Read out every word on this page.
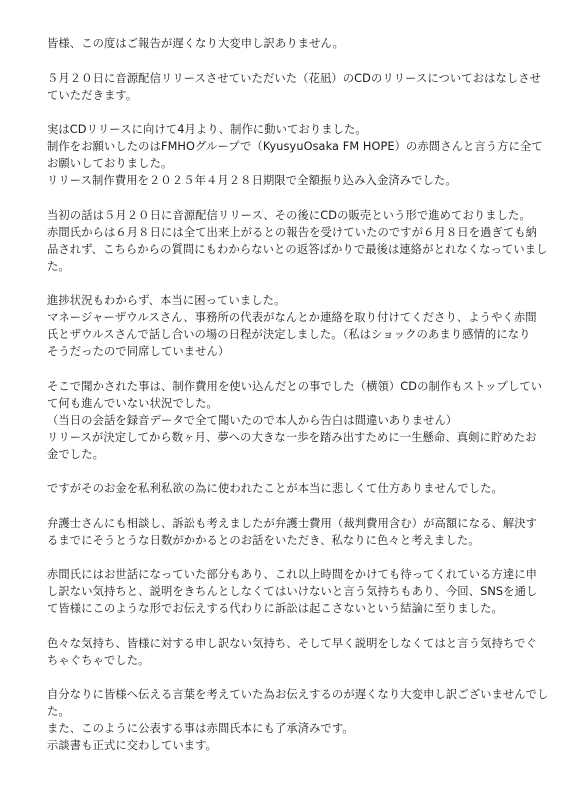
皆様、この度はご報告が遅くなり大変申し訳ありません。
５月２０日に音源配信リリースさせていただいた（花凪）のCDのリリースについておはなしさせ
ていただきます。
実はCDリリースに向けて4月より、制作に動いておりました。
制作をお願いしたのはFMHOグループで（KyusyuOsaka FM HOPE）の赤間さんと言う方に全て
お願いしておりました。
リリース制作費用を２０２５年４月２８日期限で全額振り込み入金済みでした。
当初の話は５月２０日に音源配信リリース、その後にCDの販売という形で進めておりました。
赤間氏からは６月８日には全て出来上がるとの報告を受けていたのですが６月８日を過ぎても納
品されず、こちらからの質問にもわからないとの返答ばかりで最後は連絡がとれなくなっていまし
た。
進捗状況もわからず、本当に困っていました。
マネージャーザウルスさん、事務所の代表がなんとか連絡を取り付けてくださり、ようやく赤間
氏とザウルスさんで話し合いの場の日程が決定しました。（私はショックのあまり感情的になり
そうだったので同席していません）
そこで聞かされた事は、制作費用を使い込んだとの事でした（横領）CDの制作もストップしてい
て何も進んでいない状況でした。
（当日の会話を録音データで全て聞いたので本人から告白は間違いありません）
リリースが決定してから数ヶ月、夢への大きな一歩を踏み出すために一生懸命、真剣に貯めたお
金でした。
ですがそのお金を私利私欲の為に使われたことが本当に悲しくて仕方ありませんでした。
弁護士さんにも相談し、訴訟も考えましたが弁護士費用（裁判費用含む）が高額になる、解決す
るまでにそうとうな日数がかかるとのお話をいただき、私なりに色々と考えました。
赤間氏にはお世話になっていた部分もあり、これ以上時間をかけても待ってくれている方達に申
し訳ない気持ちと、説明をきちんとしなくてはいけないと言う気持ちもあり、今回、SNSを通し
て皆様にこのような形でお伝えする代わりに訴訟は起こさないという結論に至りました。
色々な気持ち、皆様に対する申し訳ない気持ち、そして早く説明をしなくてはと言う気持ちでぐ
ちゃぐちゃでした。
自分なりに皆様へ伝える言葉を考えていた為お伝えするのが遅くなり大変申し訳ございませんでし
た。
また、このように公表する事は赤間氏本にも了承済みです。
示談書も正式に交わしています。
